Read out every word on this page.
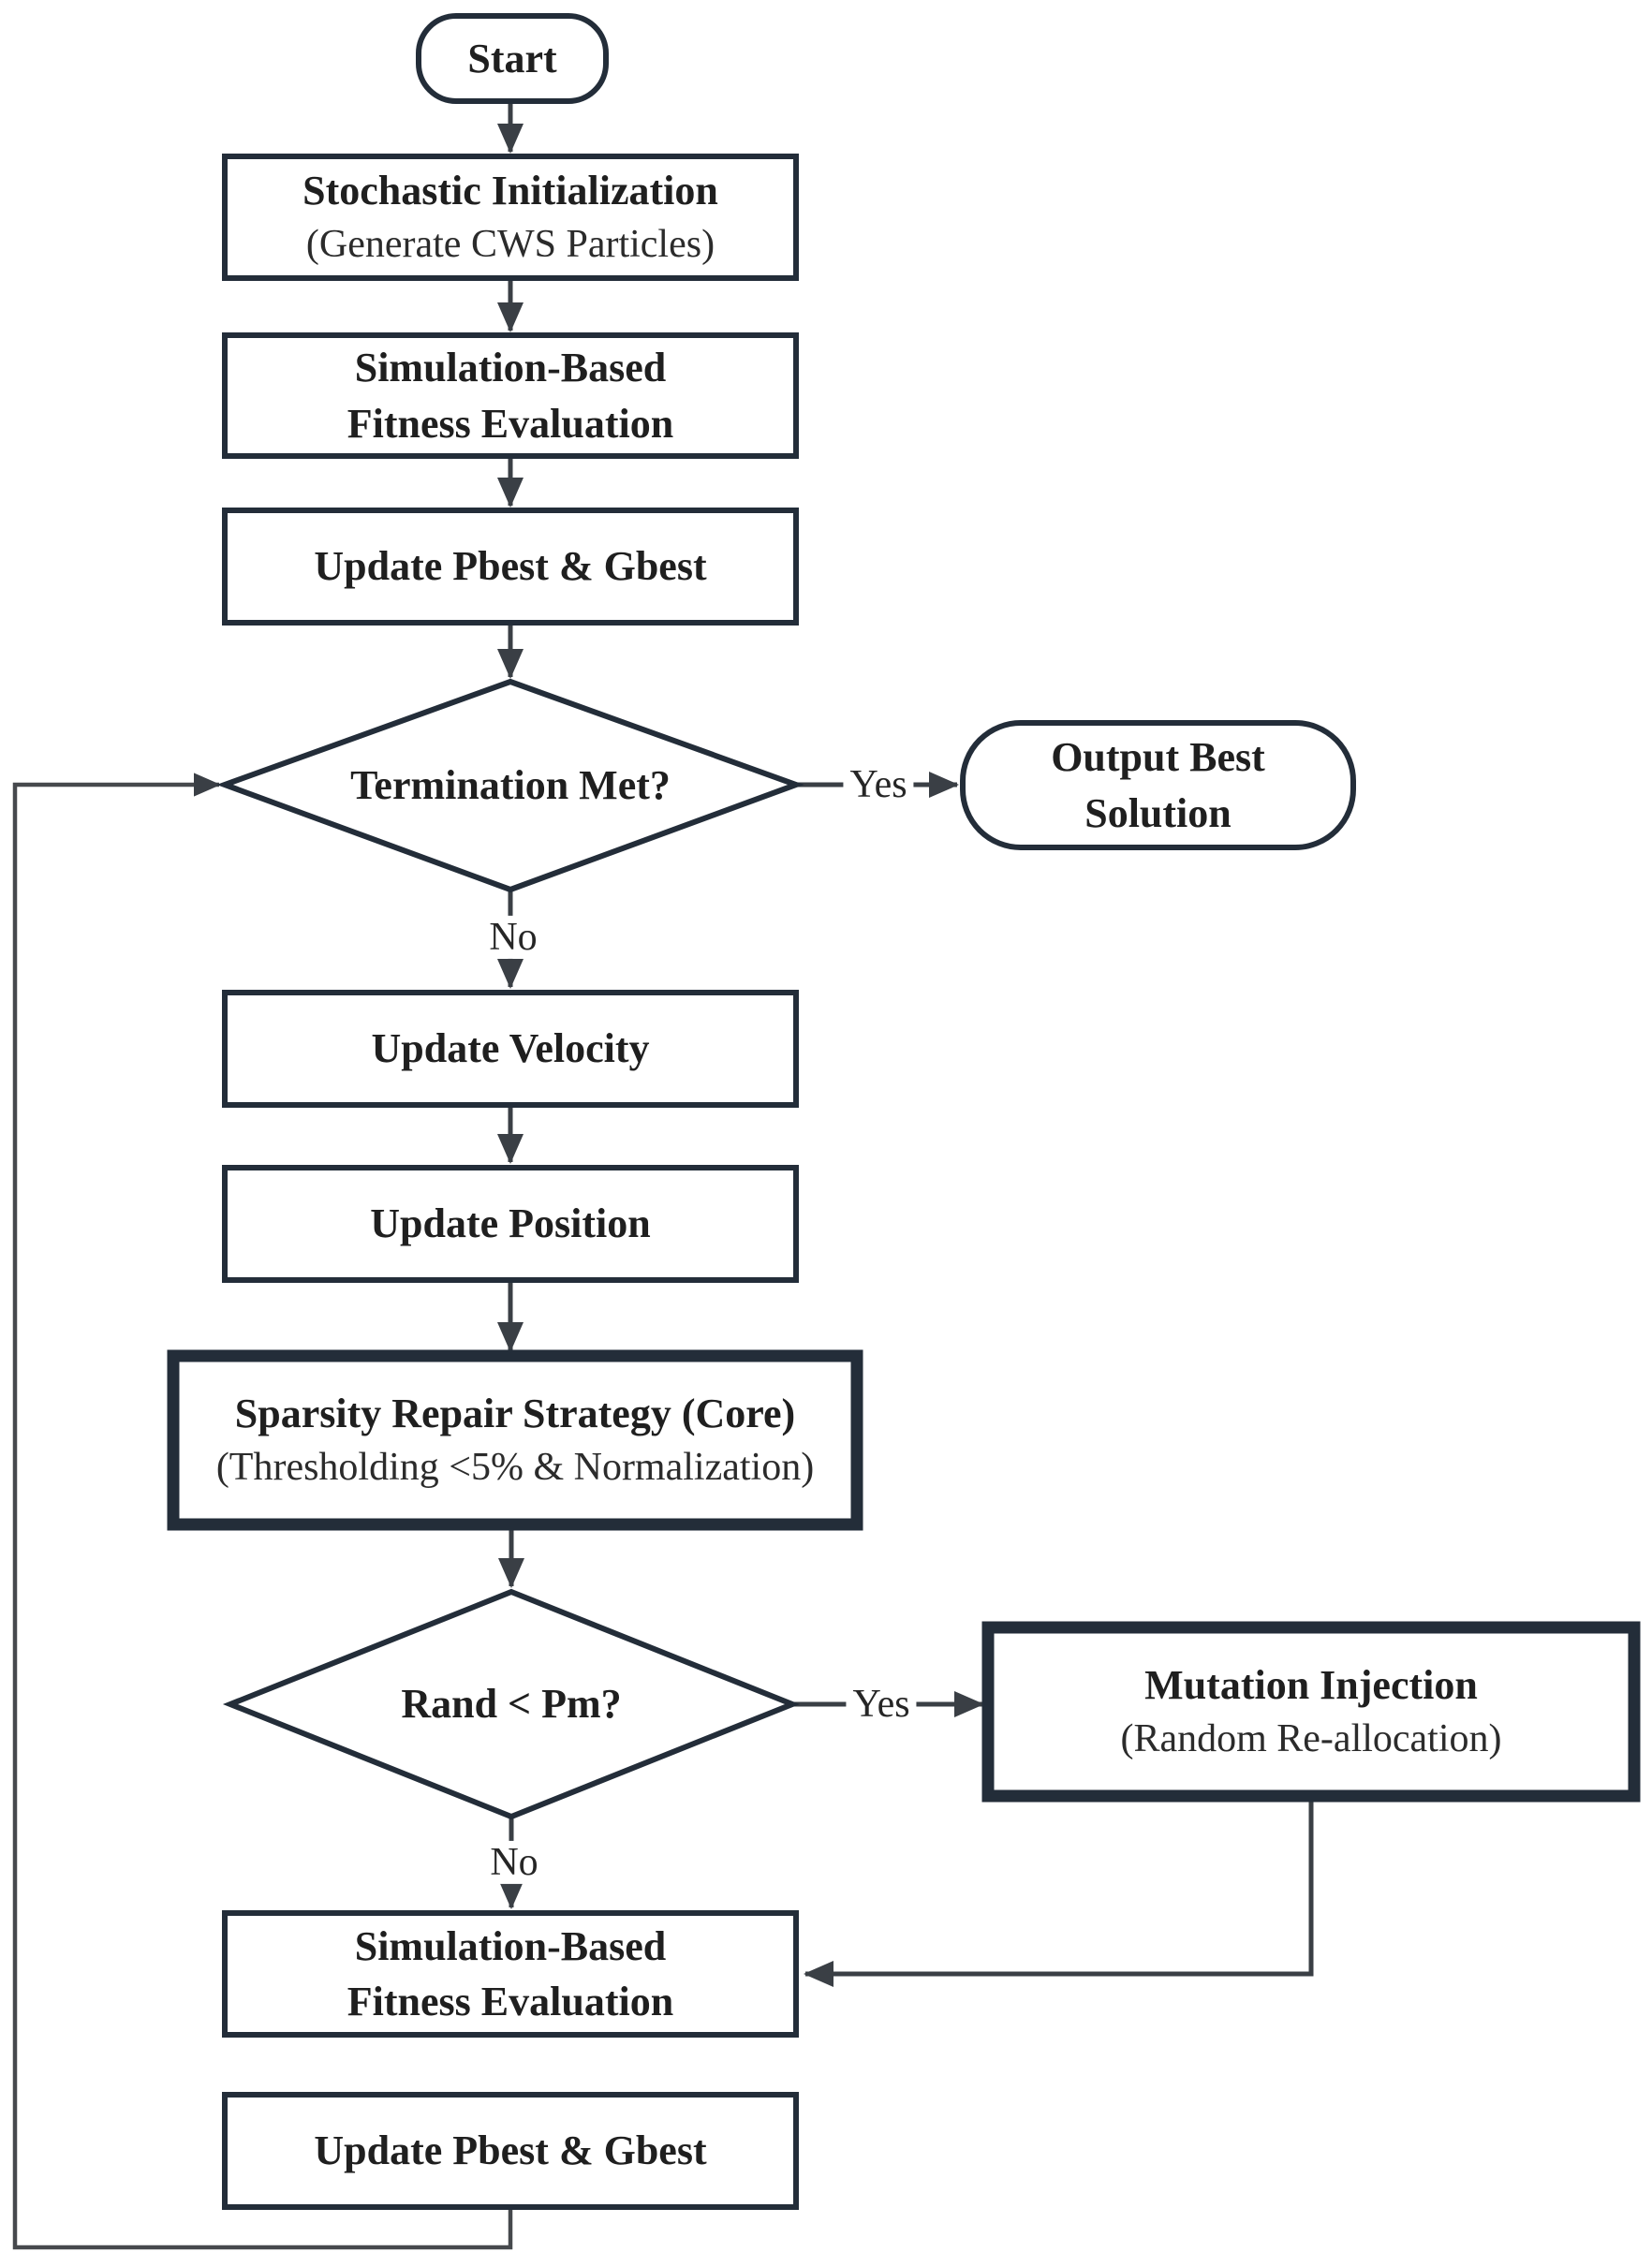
Start
Stochastic Initialization
(Generate CWS Particles)
Simulation-Based
Fitness Evaluation
Update Pbest & Gbest
Termination Met?
Output Best
Solution
Update Velocity
Update Position
Sparsity Repair Strategy (Core)
(Thresholding <5% & Normalization)
Rand < Pm?	Mutation Injection
(Random Re-allocation)
Simulation-Based
Fitness Evaluation
Update Pbest & Gbest
Yes
No
Yes
No
